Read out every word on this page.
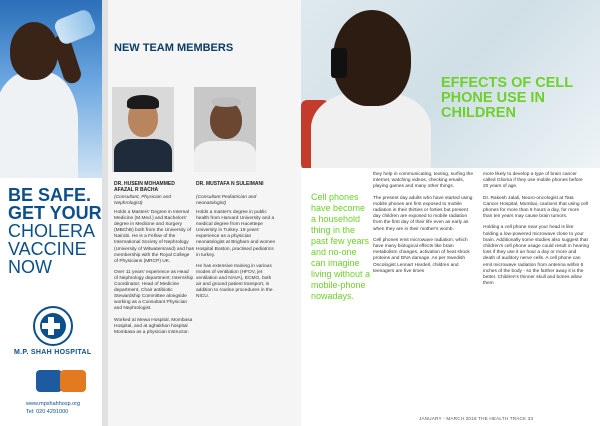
BE SAFE.
GET YOUR
CHOLERA VACCINE
NOW
M.P. SHAH HOSPITAL
www.mpshahhosp.org
Tel: 020 4291000
NEW TEAM MEMBERS
DR. HUSEIN MOHAMMED AFAZAL R BACHA
(Consultant, Physician and Nephrologist)

Holds a Masters' Degree in Internal Medicine (M.Med.) and Bachelors' degree in Medicine and Surgery (MBChB) both from the University of Nairobi. He is a Fellow of the International Society of Nephrology (University of Witwatersrand) and has membership with the Royal College of Physicians (MRCP) UK.

Over 11 years' experience as Head of Nephrology department; Internship Coordinator; Head of Medicine department, Chair antibiotic Stewardship Committee alongside working as a Consultant Physician and Nephrologist.

Worked at Mewa Hospital, Mombasa Hospital, and at aghakhan hospital Mombasa as a physician instructor.

DR. MUSTAFA N SULEIMANI
(Consultant Pediatrician and neonatologist)

Holds a master's degree in public health from Harvard University and a medical degree from Hacettepe University in Turkey. 18 years' experience as a physician neonatologist at Brigham and women Hospital Boston, practised pediatrics in turkey.

He has extensive training in various modes of ventilation (HFOV, jet ventilation and NAVA), ECMO, both air and ground patient transport, in addition to routine procedures in the NICU.

EFFECTS OF CELL PHONE USE IN CHILDREN
Cell phones have become a household thing in the past few years and no-one can imagine living without a mobile-phone nowadays.

they help in communicating, texting, surfing the internet, watching videos, checking emails, playing games and many other things.

The present day adults who have started using mobile phones are first exposed to mobile radiation in their thirties or forties but present day children are exposed to mobile radiation from the first day of their life even as early as when they are in their mother's womb.

Cell phones emit microwave radiation; which have many biological effects like brain metabolism changes, activation of heat shock proteins and DNA damage. As per Swedish Oncologist Lennart Hardell, children and teenagers are five times

more likely to develop a type of brain cancer called Glioma if they use mobile phones before 20 years of age.

Dr. Rakesh Jalali, Neuro-oncologist at Tata Cancer Hospital, Mumbai, cautions that using cell phones for more than 6 hours a day, for more than ten years may cause brain tumors.

Holding a cell phone near your head is like holding a low-powered microwave close to your brain. Additionally some studies also suggest that children's cell phone usage could result in hearing loss if they use it an hour a day or more and death of auditory nerve cells. A cell phone can emit microwave radiation from antenna within 6 inches of the body - so the farther away it is the better. Children's thinner skull and bones allow them

JANUARY - MARCH 2018 THE HEALTH TRACK 33
